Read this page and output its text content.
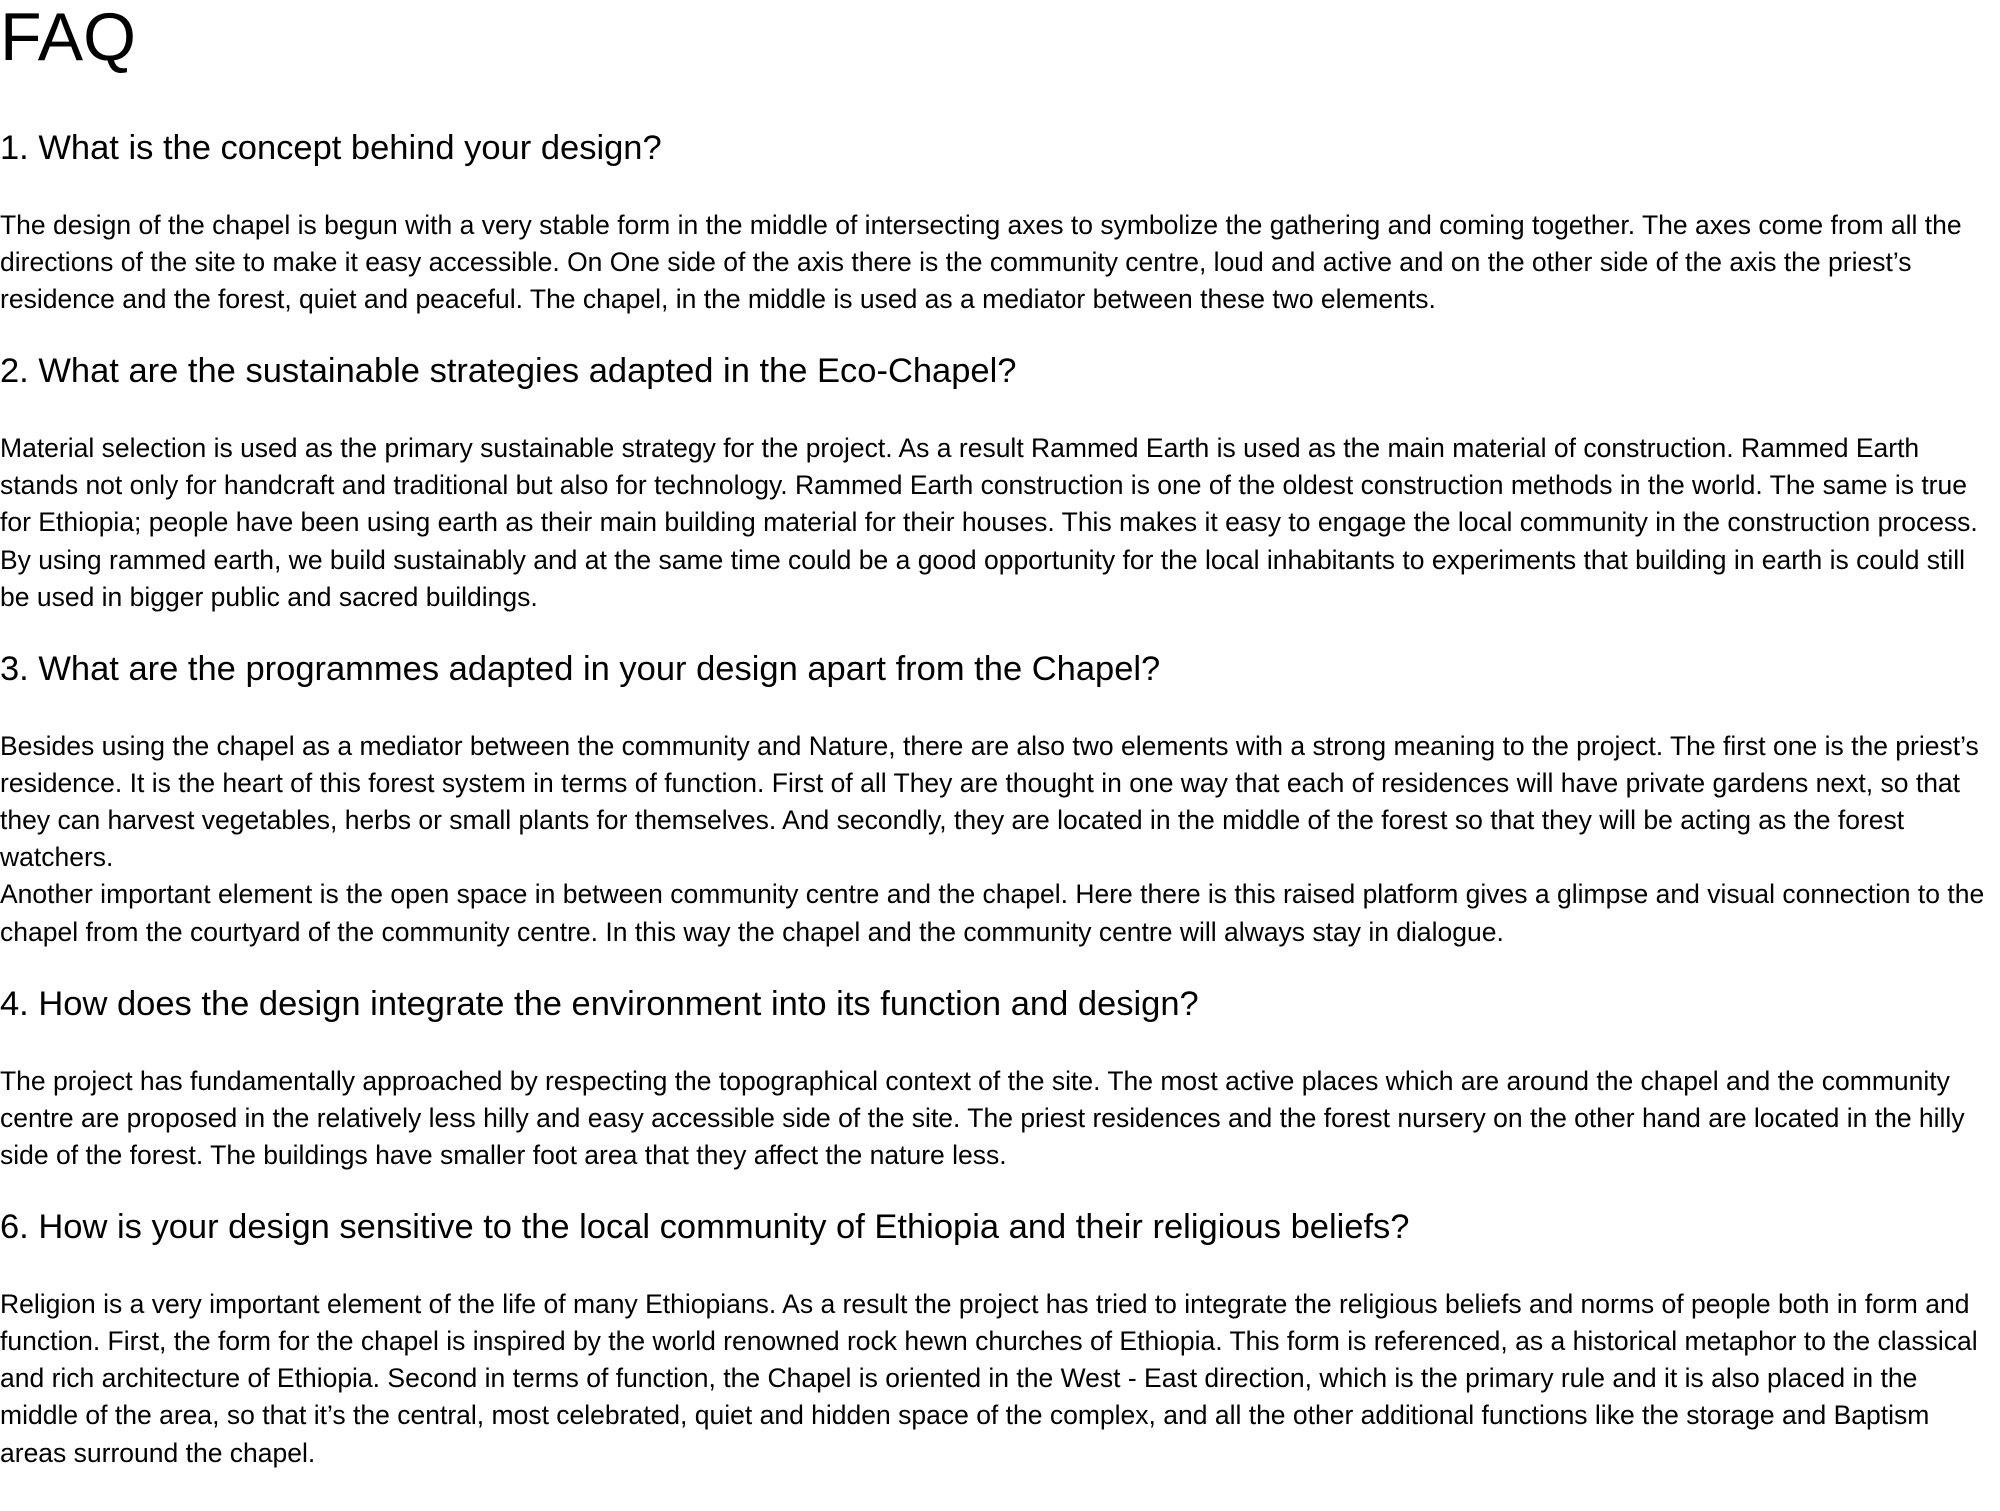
FAQ
1. What is the concept behind your design?

The design of the chapel is begun with a very stable form in the middle of intersecting axes to symbolize the gathering and coming together. The axes come from all the directions of the site to make it easy accessible. On One side of the axis there is the community centre, loud and active and on the other side of the axis the priest’s residence and the forest, quiet and peaceful. The chapel, in the middle is used as a mediator between these two elements.

2. What are the sustainable strategies adapted in the Eco-Chapel?

Material selection is used as the primary sustainable strategy for the project. As a result Rammed Earth is used as the main material of construction. Rammed Earth stands not only for handcraft and traditional but also for technology. Rammed Earth construction is one of the oldest construction methods in the world. The same is true for Ethiopia; people have been using earth as their main building material for their houses. This makes it easy to engage the local community in the construction process. By using rammed earth, we build sustainably and at the same time could be a good opportunity for the local inhabitants to experiments that building in earth is could still be used in bigger public and sacred buildings.

3. What are the programmes adapted in your design apart from the Chapel?

Besides using the chapel as a mediator between the community and Nature, there are also two elements with a strong meaning to the project. The first one is the priest’s residence. It is the heart of this forest system in terms of function. First of all They are thought in one way that each of residences will have private gardens next, so that they can harvest vegetables, herbs or small plants for themselves. And secondly, they are located in the middle of the forest so that they will be acting as the forest watchers.

Another important element is the open space in between community centre and the chapel. Here there is this raised platform gives a glimpse and visual connection to the chapel from the courtyard of the community centre. In this way the chapel and the community centre will always stay in dialogue.

4. How does the design integrate the environment into its function and design?

The project has fundamentally approached by respecting the topographical context of the site. The most active places which are around the chapel and the community centre are proposed in the relatively less hilly and easy accessible side of the site. The priest residences and the forest nursery on the other hand are located in the hilly side of the forest. The buildings have smaller foot area that they affect the nature less.

6. How is your design sensitive to the local community of Ethiopia and their religious beliefs?

Religion is a very important element of the life of many Ethiopians. As a result the project has tried to integrate the religious beliefs and norms of people both in form and function. First, the form for the chapel is inspired by the world renowned rock hewn churches of Ethiopia. This form is referenced, as a historical metaphor to the classical and rich architecture of Ethiopia. Second in terms of function, the Chapel is oriented in the West - East direction, which is the primary rule and it is also placed in the middle of the area, so that it’s the central, most celebrated, quiet and hidden space of the complex, and all the other additional functions like the storage and Baptism areas surround the chapel.
